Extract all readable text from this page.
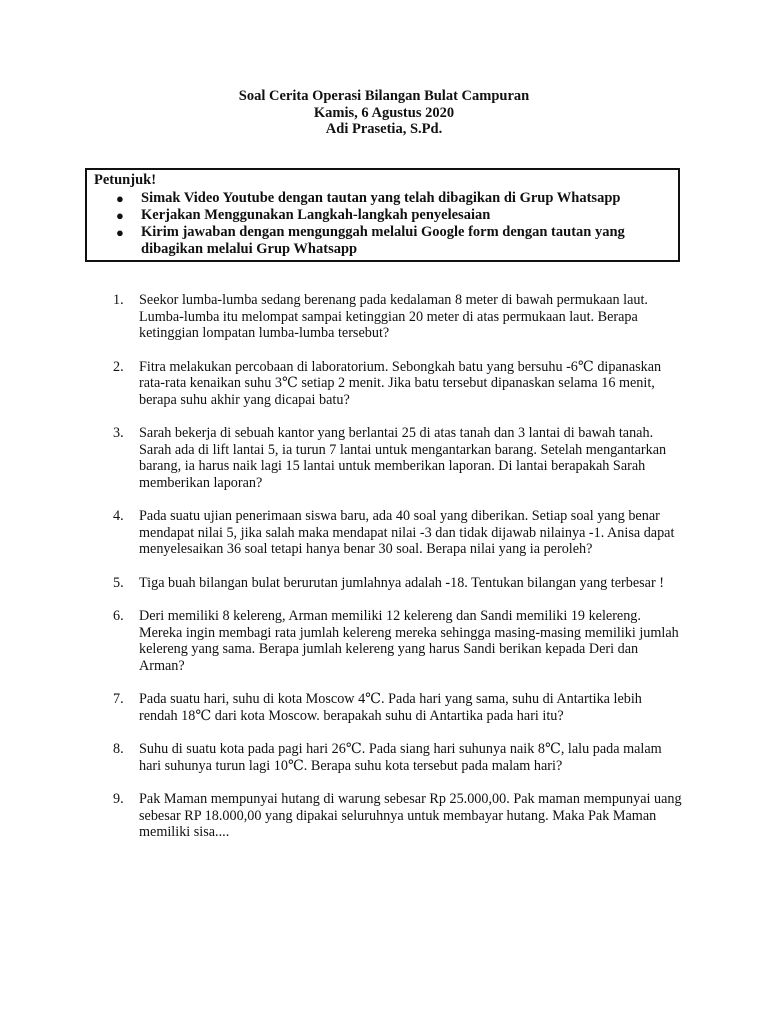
Soal Cerita Operasi Bilangan Bulat Campuran
Kamis, 6 Agustus 2020
Adi Prasetia, S.Pd.
Petunjuk!
● Simak Video Youtube dengan tautan yang telah dibagikan di Grup Whatsapp
● Kerjakan Menggunakan Langkah-langkah penyelesaian
● Kirim jawaban dengan mengunggah melalui Google form dengan tautan yang dibagikan melalui Grup Whatsapp
1. Seekor lumba-lumba sedang berenang pada kedalaman 8 meter di bawah permukaan laut. Lumba-lumba itu melompat sampai ketinggian 20 meter di atas permukaan laut. Berapa ketinggian lompatan lumba-lumba tersebut?
2. Fitra melakukan percobaan di laboratorium. Sebongkah batu yang bersuhu -6℃ dipanaskan rata-rata kenaikan suhu 3℃ setiap 2 menit. Jika batu tersebut dipanaskan selama 16 menit, berapa suhu akhir yang dicapai batu?
3. Sarah bekerja di sebuah kantor yang berlantai 25 di atas tanah dan 3 lantai di bawah tanah. Sarah ada di lift lantai 5, ia turun 7 lantai untuk mengantarkan barang. Setelah mengantarkan barang, ia harus naik lagi 15 lantai untuk memberikan laporan. Di lantai berapakah Sarah memberikan laporan?
4. Pada suatu ujian penerimaan siswa baru, ada 40 soal yang diberikan. Setiap soal yang benar mendapat nilai 5, jika salah maka mendapat nilai -3 dan tidak dijawab nilainya -1. Anisa dapat menyelesaikan 36 soal tetapi hanya benar 30 soal. Berapa nilai yang ia peroleh?
5. Tiga buah bilangan bulat berurutan jumlahnya adalah -18. Tentukan bilangan yang terbesar !
6. Deri memiliki 8 kelereng, Arman memiliki 12 kelereng dan Sandi memiliki 19 kelereng. Mereka ingin membagi rata jumlah kelereng mereka sehingga masing-masing memiliki jumlah kelereng yang sama. Berapa jumlah kelereng yang harus Sandi berikan kepada Deri dan Arman?
7. Pada suatu hari, suhu di kota Moscow 4℃. Pada hari yang sama, suhu di Antartika lebih rendah 18℃ dari kota Moscow. berapakah suhu di Antartika pada hari itu?
8. Suhu di suatu kota pada pagi hari 26℃. Pada siang hari suhunya naik 8℃, lalu pada malam hari suhunya turun lagi 10℃. Berapa suhu kota tersebut pada malam hari?
9. Pak Maman mempunyai hutang di warung sebesar Rp 25.000,00. Pak maman mempunyai uang sebesar RP 18.000,00 yang dipakai seluruhnya untuk membayar hutang. Maka Pak Maman memiliki sisa....
